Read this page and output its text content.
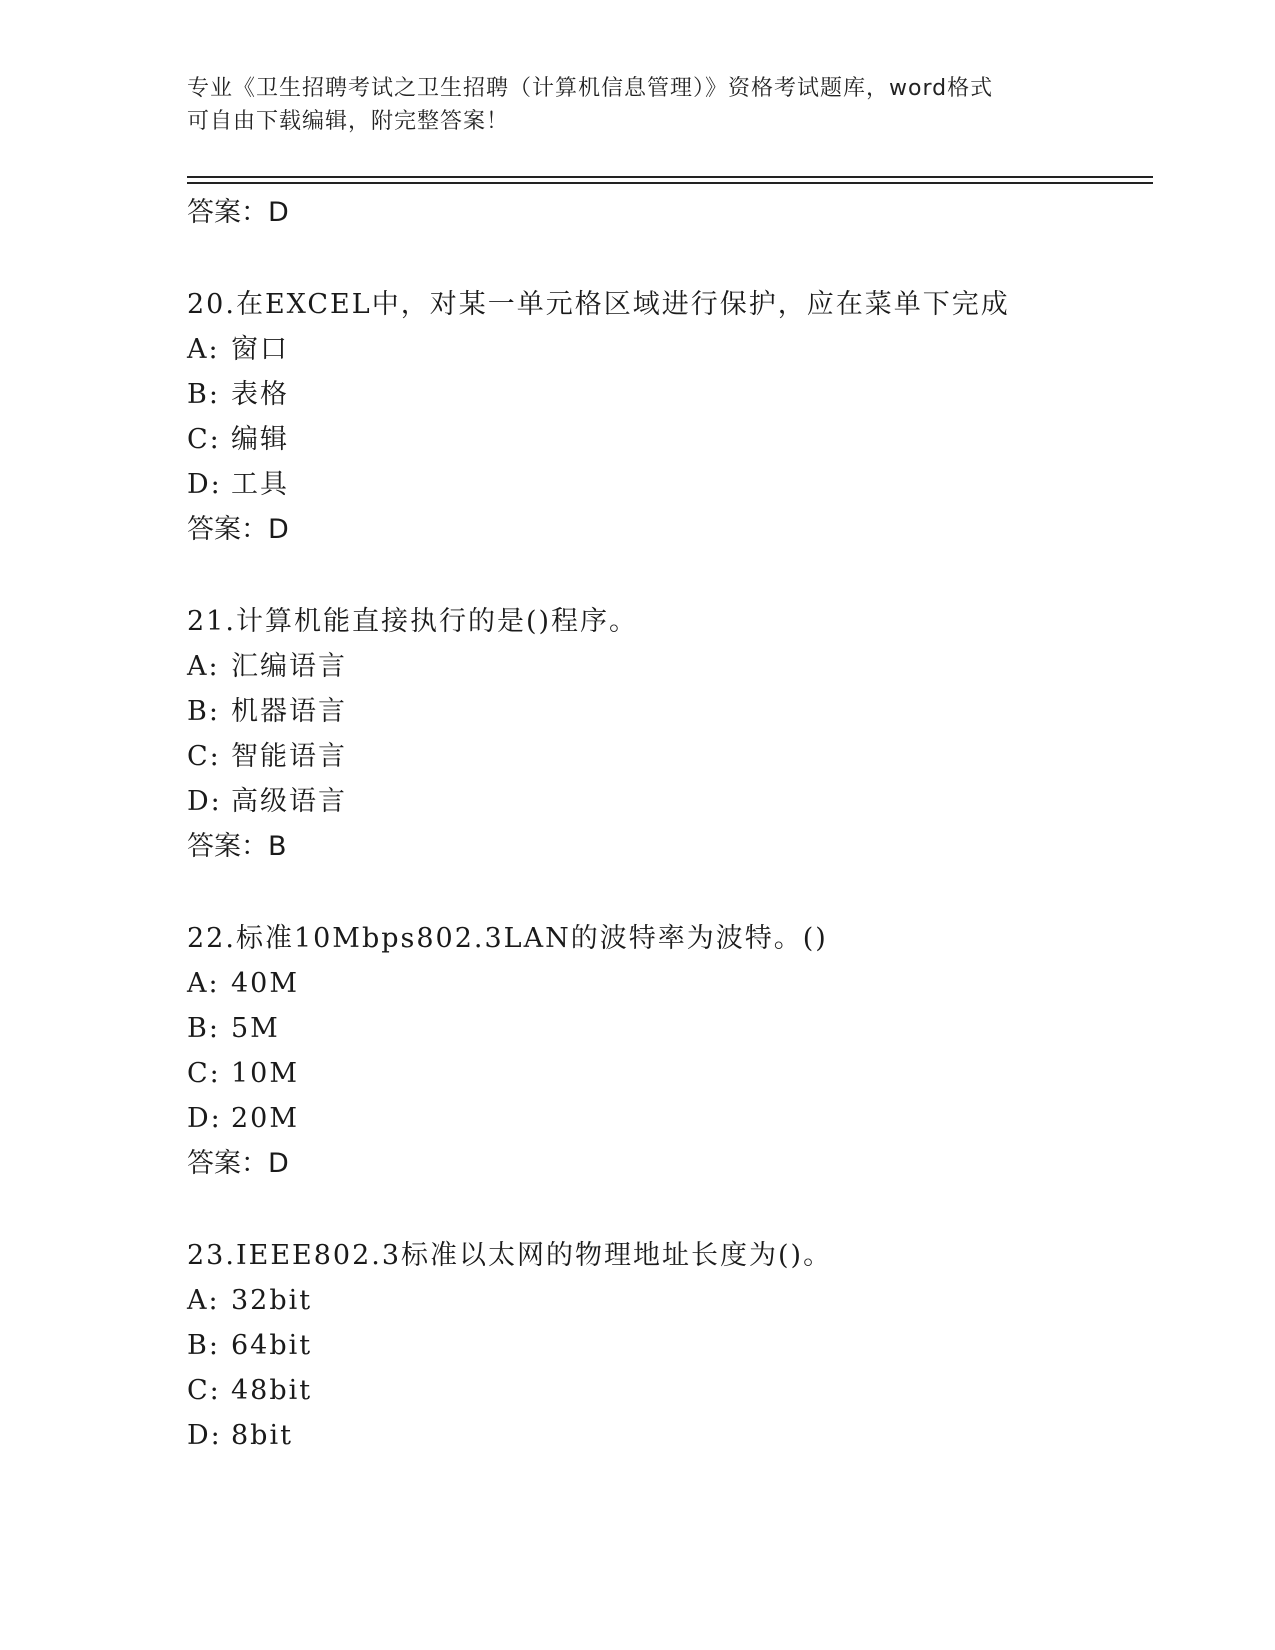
专业《卫生招聘考试之卫生招聘（计算机信息管理）》资格考试题库，word格式
可自由下载编辑，附完整答案！
答案：D
20.在EXCEL中，对某一单元格区域进行保护，应在菜单下完成
A: 窗口
B: 表格
C: 编辑
D: 工具
答案：D
21.计算机能直接执行的是()程序。
A: 汇编语言
B: 机器语言
C: 智能语言
D: 高级语言
答案：B
22.标准10Mbps802.3LAN的波特率为波特。()
A: 40M
B: 5M
C: 10M
D: 20M
答案：D
23.IEEE802.3标准以太网的物理地址长度为()。
A: 32bit
B: 64bit
C: 48bit
D: 8bit
